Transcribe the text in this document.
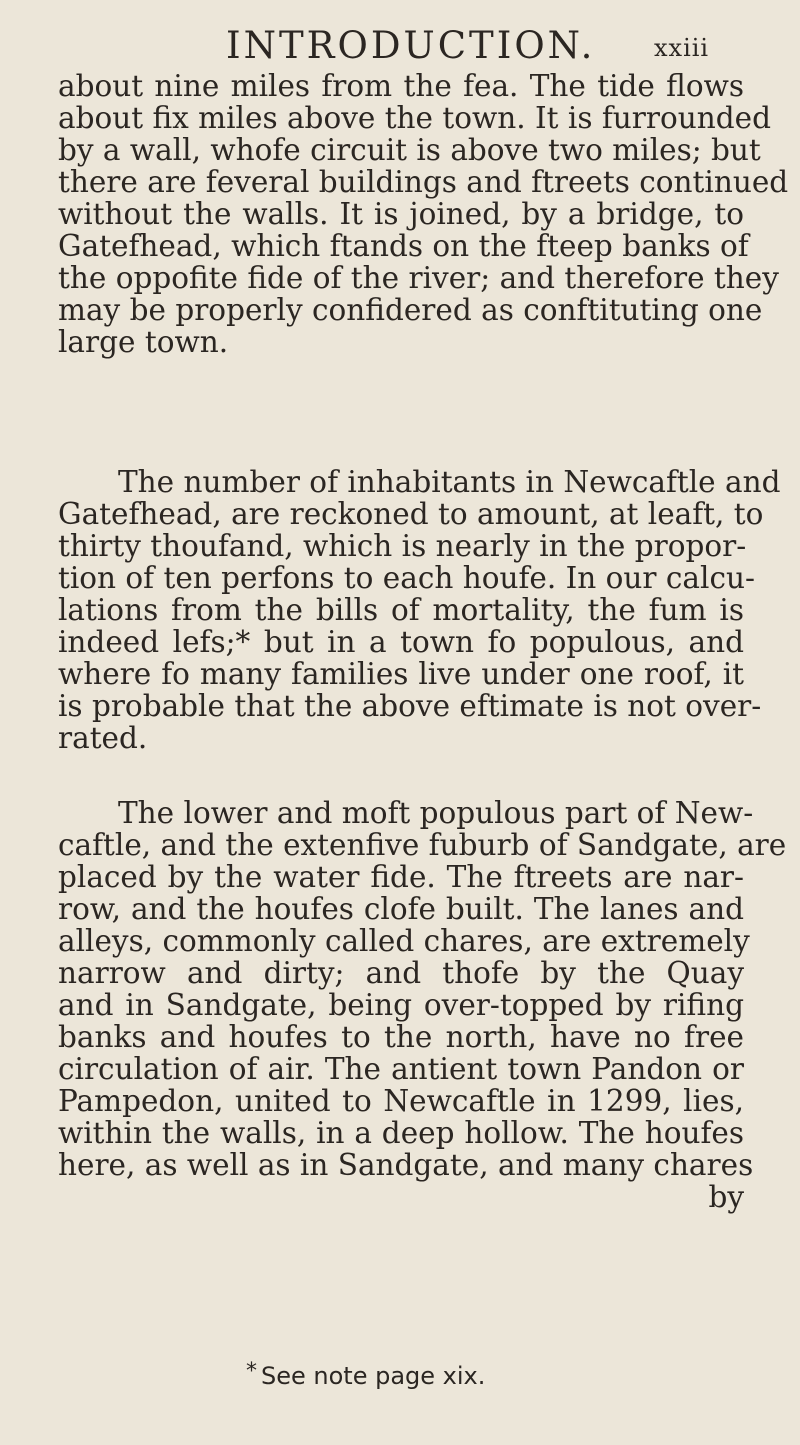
INTRODUCTION. xxiii
about nine miles from the fea. The tide flows
about fix miles above the town. It is furrounded
by a wall, whofe circuit is above two miles; but
there are feveral buildings and ftreets continued
without the walls. It is joined, by a bridge, to
Gatefhead, which ftands on the fteep banks of
the oppofite fide of the river; and therefore they
may be properly confidered as conftituting one
large town.
The number of inhabitants in Newcaftle and
Gatefhead, are reckoned to amount, at leaft, to
thirty thoufand, which is nearly in the propor-
tion of ten perfons to each houfe. In our calcu-
lations from the bills of mortality, the fum is
indeed lefs;* but in a town fo populous, and
where fo many families live under one roof, it
is probable that the above eftimate is not over-
rated.
The lower and moft populous part of New-
caftle, and the extenfive fuburb of Sandgate, are
placed by the water fide. The ftreets are nar-
row, and the houfes clofe built. The lanes and
alleys, commonly called chares, are extremely
narrow and dirty; and thofe by the Quay
and in Sandgate, being over-topped by rifing
banks and houfes to the north, have no free
circulation of air. The antient town Pandon or
Pampedon, united to Newcaftle in 1299, lies,
within the walls, in a deep hollow. The houfes
here, as well as in Sandgate, and many chares
by
* See note page xix.
